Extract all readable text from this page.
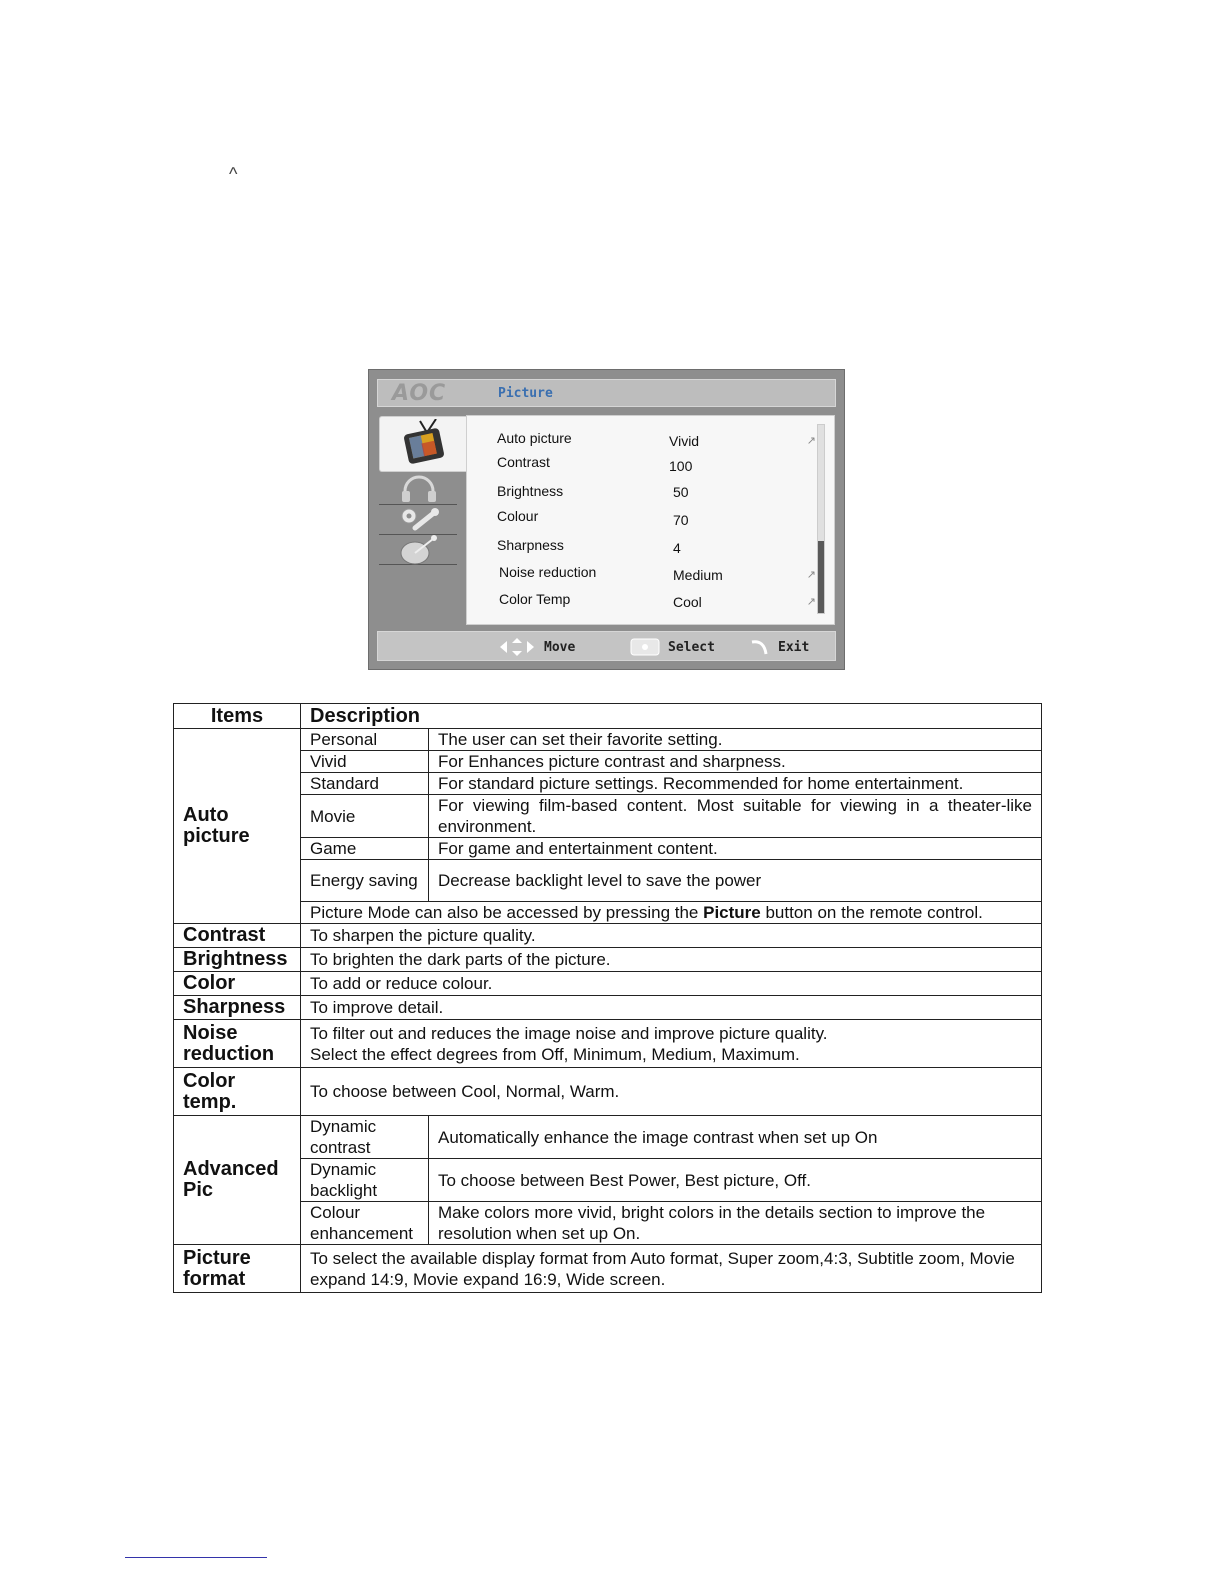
^
AOC	Picture
Auto picture	Vivid	↗
Contrast	100
Brightness	50
Colour	70
Sharpness	4
Noise reduction	Medium	↗
Color Temp	Cool	↗
Move	Select	Exit
Items	Description	
Auto picture	Personal	The user can set their favorite setting.
	Vivid	For Enhances picture contrast and sharpness.
	Standard	For standard picture settings. Recommended for home entertainment.
	Movie	For viewing film-based content. Most suitable for viewing in a theater-like environment.
	Game	For game and entertainment content.
	Energy saving	Decrease backlight level to save the power
	Picture Mode can also be accessed by pressing the Picture button on the remote control.	
Contrast	To sharpen the picture quality.	
Brightness	To brighten the dark parts of the picture.	
Color	To add or reduce colour.	
Sharpness	To improve detail.	
Noise reduction	To filter out and reduces the image noise and improve picture quality.
Select the effect degrees from Off, Minimum, Medium, Maximum.	

Color temp.	To choose between Cool, Normal, Warm.	
Advanced Pic	Dynamic contrast	Automatically enhance the image contrast when set up On
	Dynamic backlight	To choose between Best Power, Best picture, Off.
	Colour enhancement	Make colors more vivid, bright colors in the details section to improve the resolution when set up On.
Picture format	To select the available display format from Auto format, Super zoom,4:3, Subtitle zoom, Movie expand 14:9, Movie expand 16:9, Wide screen.	
